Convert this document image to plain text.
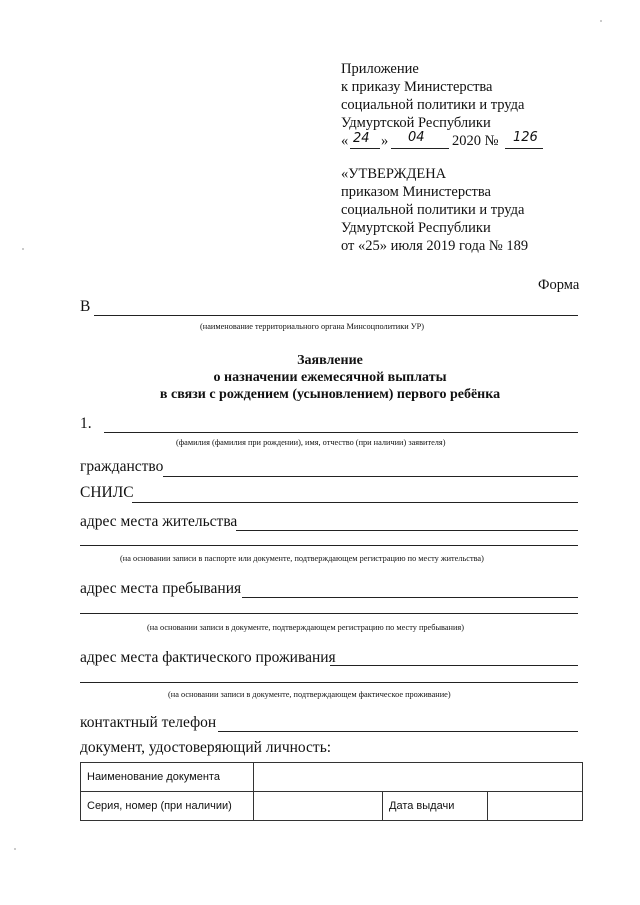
Приложение
к приказу Министерства
социальной политики и труда
Удмуртской Республики
« 24 » 04 2020 № 126
«УТВЕРЖДЕНА
приказом Министерства
социальной политики и труда
Удмуртской Республики
от «25» июля 2019 года № 189
Форма
В
(наименование территориального органа Минсоцполитики УР)
Заявление
о назначении ежемесячной выплаты
в связи с рождением (усыновлением) первого ребёнка
1.
(фамилия (фамилия при рождении), имя, отчество (при наличии) заявителя)
гражданство
СНИЛС
адрес места жительства
(на основании записи в паспорте или документе, подтверждающем регистрацию по месту жительства)
адрес места пребывания
(на основании записи в документе, подтверждающем регистрацию по месту пребывания)
адрес места фактического проживания
(на основании записи в документе, подтверждающем фактическое проживание)
контактный телефон
документ, удостоверяющий личность:
Наименование документа			
Серия, номер (при наличии)		Дата выдачи	
